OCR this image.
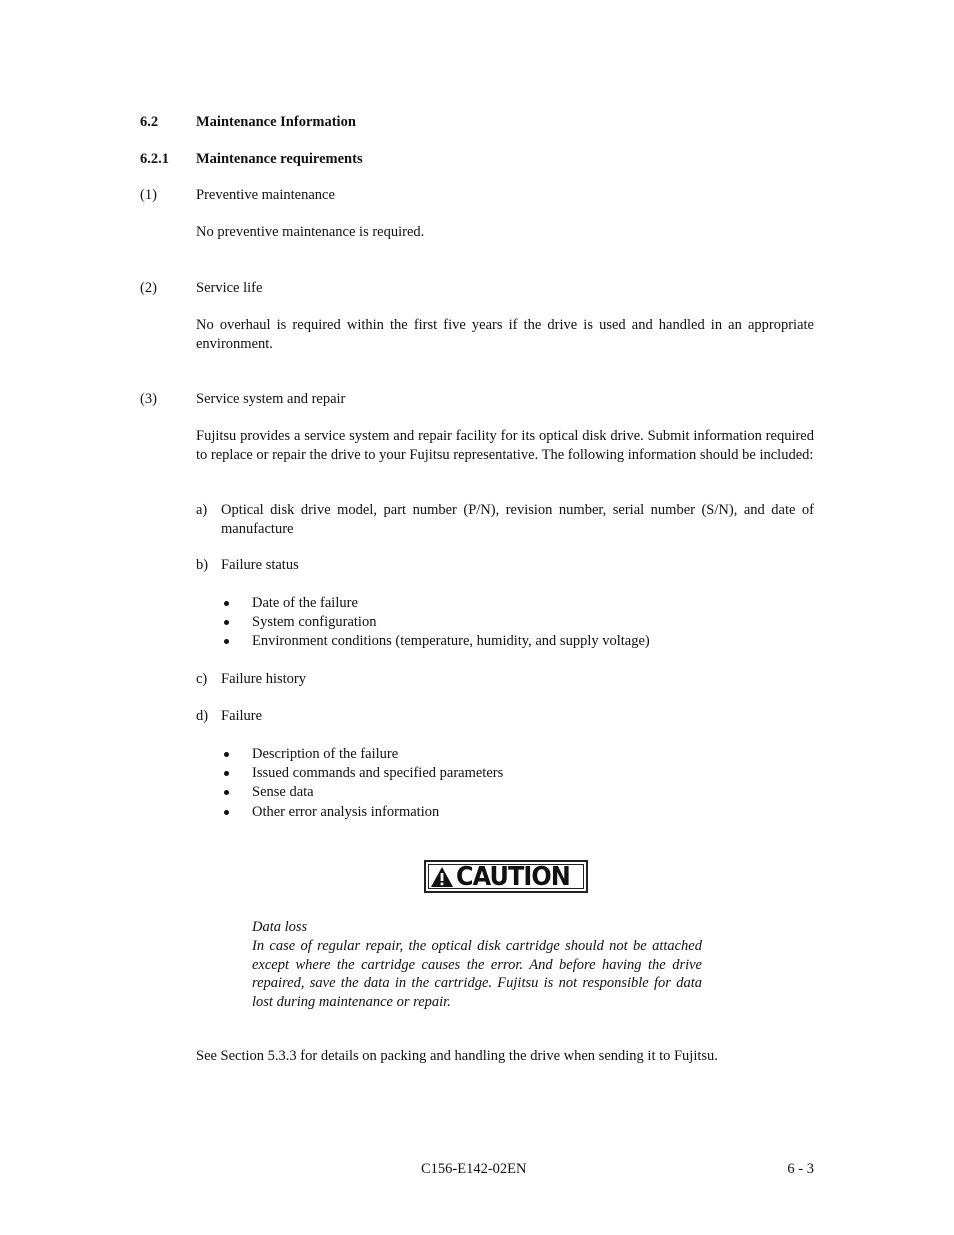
6.2	Maintenance Information
6.2.1 Maintenance requirements
(1)	Preventive maintenance
No preventive maintenance is required.
(2)	Service life
No overhaul is required within the first five years if the drive is used and handled in an appropriate environment.
(3)	Service system and repair
Fujitsu provides a service system and repair facility for its optical disk drive. Submit information required to replace or repair the drive to your Fujitsu representative. The following information should be included:
a) Optical disk drive model, part number (P/N), revision number, serial number (S/N), and date of manufacture
b) Failure status
Date of the failure
System configuration
Environment conditions (temperature, humidity, and supply voltage)
c) Failure history
d) Failure
Description of the failure
Issued commands and specified parameters
Sense data
Other error analysis information
CAUTION
Data loss
In case of regular repair, the optical disk cartridge should not be attached except where the cartridge causes the error. And before having the drive repaired, save the data in the cartridge. Fujitsu is not responsible for data lost during maintenance or repair.
See Section 5.3.3 for details on packing and handling the drive when sending it to Fujitsu.
C156-E142-02EN	6 - 3
